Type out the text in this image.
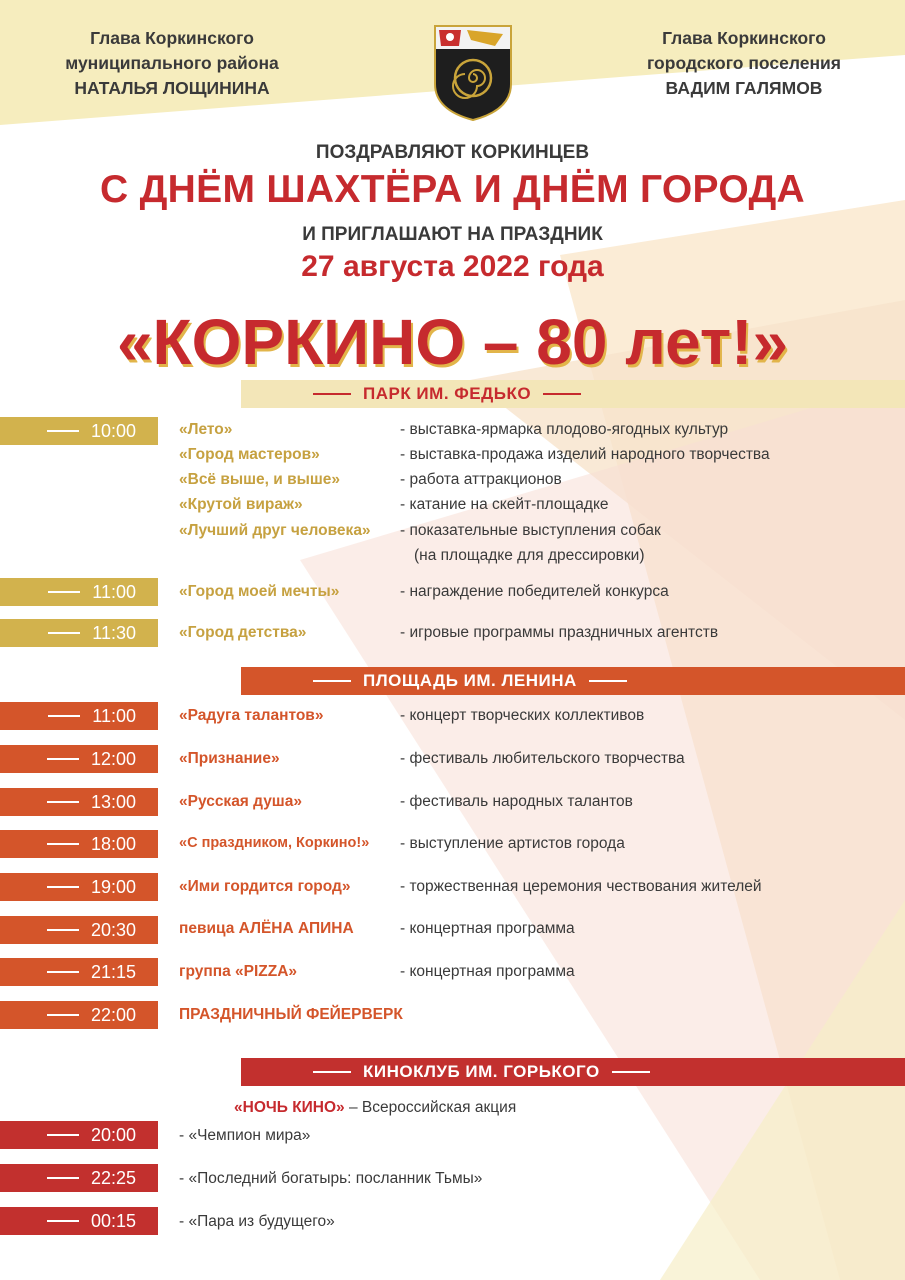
Глава Коркинского
муниципального района
НАТАЛЬЯ ЛОЩИНИНА
Глава Коркинского
городского поселения
ВАДИМ ГАЛЯМОВ
ПОЗДРАВЛЯЮТ КОРКИНЦЕВ
С ДНЁМ ШАХТЁРА И ДНЁМ ГОРОДА
И ПРИГЛАШАЮТ НА ПРАЗДНИК
27 августа 2022 года
«КОРКИНО – 80 лет!»
ПАРК ИМ. ФЕДЬКО
10:00	«Лето»	- выставка-ярмарка плодово-ягодных культур
«Город мастеров»	- выставка-продажа изделий народного творчества
«Всё выше, и выше»	- работа аттракционов
«Крутой вираж»	- катание на скейт-площадке
«Лучший друг человека» - показательные выступления собак
(на площадке для дрессировки)
11:00	«Город моей мечты»	- награждение победителей конкурса
11:30	«Город детства»	- игровые программы праздничных агентств
ПЛОЩАДЬ ИМ. ЛЕНИНА
11:00	«Радуга талантов»	- концерт творческих коллективов
12:00	«Признание»	- фестиваль любительского творчества
13:00	«Русская душа»	- фестиваль народных талантов
18:00	«С праздником, Коркино!» - выступление артистов города
19:00	«Ими гордится город»	- торжественная церемония чествования жителей
20:30	певица АЛЁНА АПИНА	- концертная программа
21:15	группа «PIZZA»	- концертная программа
22:00	ПРАЗДНИЧНЫЙ ФЕЙЕРВЕРК
КИНОКЛУБ ИМ. ГОРЬКОГО
«НОЧЬ КИНО» – Всероссийская акция
20:00	- «Чемпион мира»
22:25	- «Последний богатырь: посланник Тьмы»
00:15	- «Пара из будущего»
